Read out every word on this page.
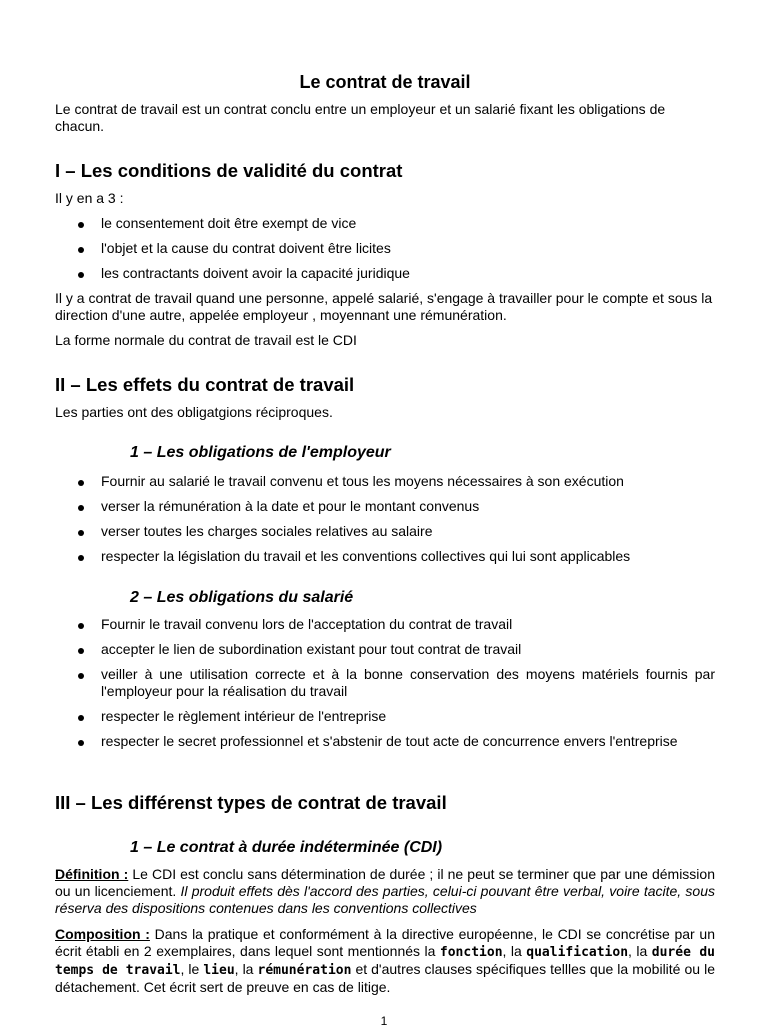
Le contrat de travail

Le contrat de travail est un contrat conclu entre un employeur et un salarié fixant les obligations de chacun.

I – Les conditions de validité du contrat

Il y en a 3 :

le consentement doit être exempt de vice
l'objet et la cause du contrat doivent être licites
les contractants doivent avoir la capacité juridique

Il y a contrat de travail quand une personne, appelé salarié, s'engage à travailler pour le compte et sous la direction d'une autre, appelée employeur , moyennant une rémunération.

La forme normale du contrat de travail est le CDI

II – Les effets du contrat de travail

Les parties ont des obligatgions réciproques.

1 – Les obligations de l'employeur
Fournir au salarié le travail convenu et tous les moyens nécessaires à son exécution
verser la rémunération à la date et pour le montant convenus
verser toutes les charges sociales relatives au salaire
respecter la législation du travail et les conventions collectives qui lui sont applicables
2 – Les obligations du salarié
Fournir le travail convenu lors de l'acceptation du contrat de travail
accepter le lien de subordination existant pour tout contrat de travail
veiller à une utilisation correcte et à la bonne conservation des moyens matériels fournis par l'employeur pour la réalisation du travail
respecter le règlement intérieur de l'entreprise
respecter le secret professionnel et s'abstenir de tout acte de concurrence envers l'entreprise
III – Les différenst types de contrat de travail
1 – Le contrat à durée indéterminée (CDI)

Définition : Le CDI est conclu sans détermination de durée ; il ne peut se terminer que par une démission ou un licenciement. Il produit effets dès l'accord des parties, celui-ci pouvant être verbal, voire tacite, sous réserva des dispositions contenues dans les conventions collectives

Composition : Dans la pratique et conformément à la directive européenne, le CDI se concrétise par un écrit établi en 2 exemplaires, dans lequel sont mentionnés la fonction, la qualification, la durée du temps de travail, le lieu, la rémunération et d'autres clauses spécifiques tellles que la mobilité ou le détachement. Cet écrit sert de preuve en cas de litige.

1
